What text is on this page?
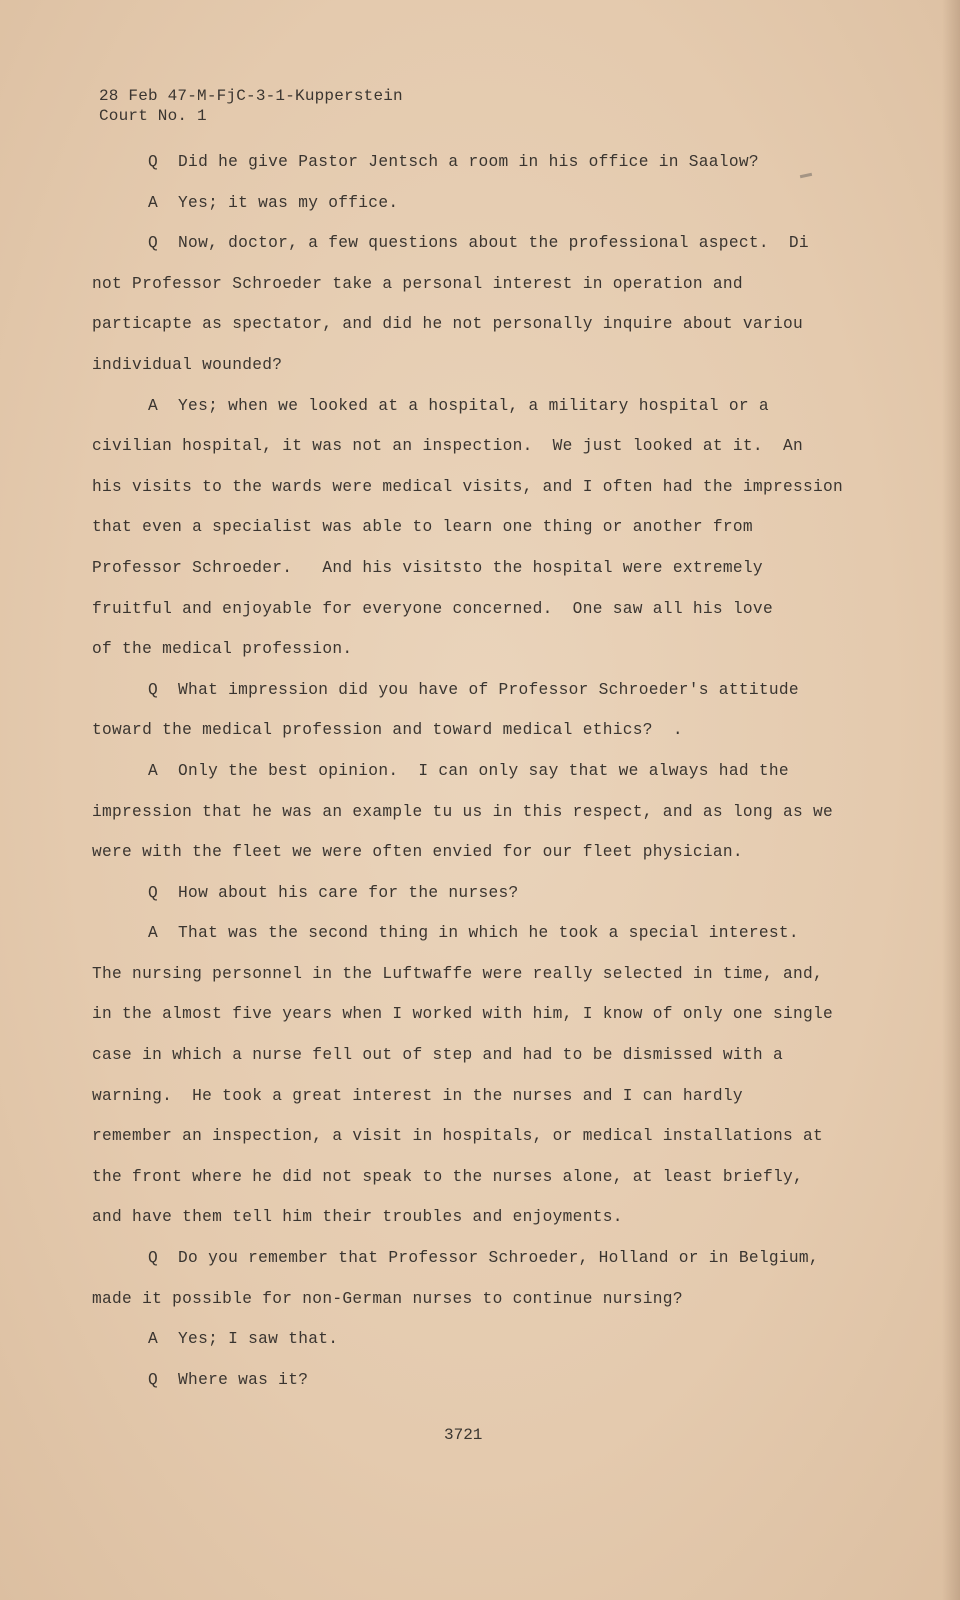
28 Feb 47-M-FjC-3-1-Kupperstein
Court No. 1
Q  Did he give Pastor Jentsch a room in his office in Saalow?
A  Yes; it was my office.
Q  Now, doctor, a few questions about the professional aspect.  Di
not Professor Schroeder take a personal interest in operation and
particapte as spectator, and did he not personally inquire about variou
individual wounded?
A  Yes; when we looked at a hospital, a military hospital or a
civilian hospital, it was not an inspection.  We just looked at it.  An
his visits to the wards were medical visits, and I often had the impression
that even a specialist was able to learn one thing or another from
Professor Schroeder.   And his visitsto the hospital were extremely
fruitful and enjoyable for everyone concerned.  One saw all his love
of the medical profession.
Q  What impression did you have of Professor Schroeder's attitude
toward the medical profession and toward medical ethics?  .
A  Only the best opinion.  I can only say that we always had the
impression that he was an example tu us in this respect, and as long as we
were with the fleet we were often envied for our fleet physician.
Q  How about his care for the nurses?
A  That was the second thing in which he took a special interest.
The nursing personnel in the Luftwaffe were really selected in time, and,
in the almost five years when I worked with him, I know of only one single
case in which a nurse fell out of step and had to be dismissed with a
warning.  He took a great interest in the nurses and I can hardly
remember an inspection, a visit in hospitals, or medical installations at
the front where he did not speak to the nurses alone, at least briefly,
and have them tell him their troubles and enjoyments.
Q  Do you remember that Professor Schroeder, Holland or in Belgium,
made it possible for non-German nurses to continue nursing?
A  Yes; I saw that.
Q  Where was it?
3721
